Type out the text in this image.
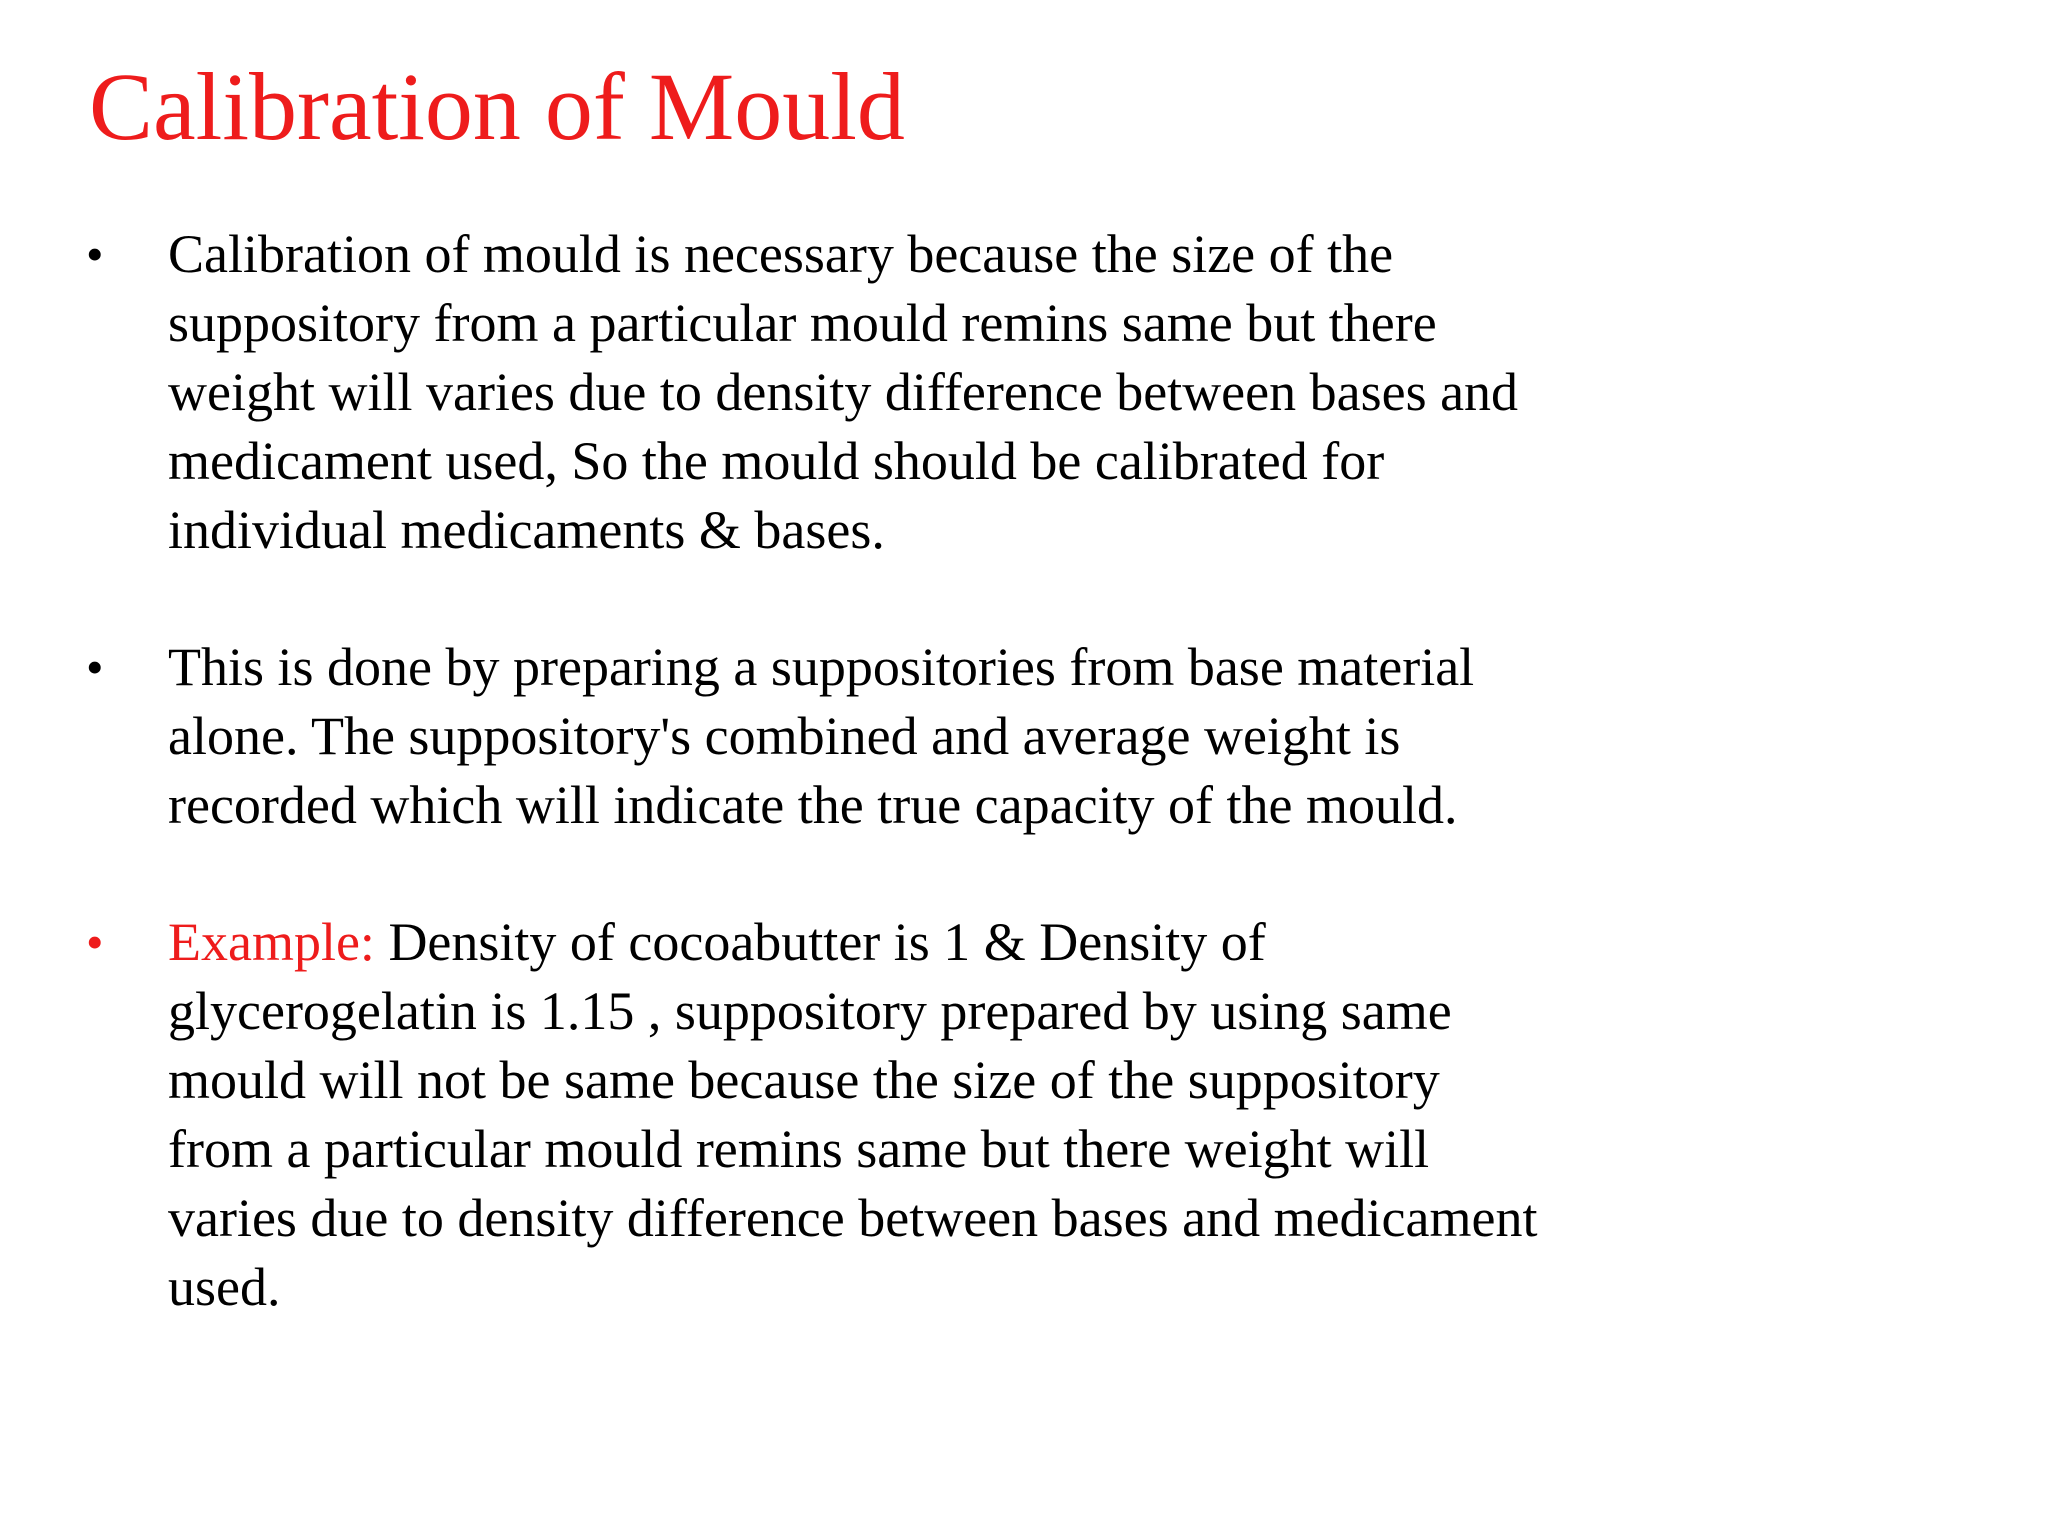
Calibration of Mould
• Calibration of mould is necessary because the size of the
suppository from a particular mould remins same but there
weight will varies due to density difference between bases and
medicament used, So the mould should be calibrated for
individual medicaments & bases.

• This is done by preparing a suppositories from base material
alone. The suppository's combined and average weight is
recorded which will indicate the true capacity of the mould.

• Example: Density of cocoabutter is 1 & Density of
glycerogelatin is 1.15 , suppository prepared by using same
mould will not be same because the size of the suppository
from a particular mould remins same but there weight will
varies due to density difference between bases and medicament
used.
